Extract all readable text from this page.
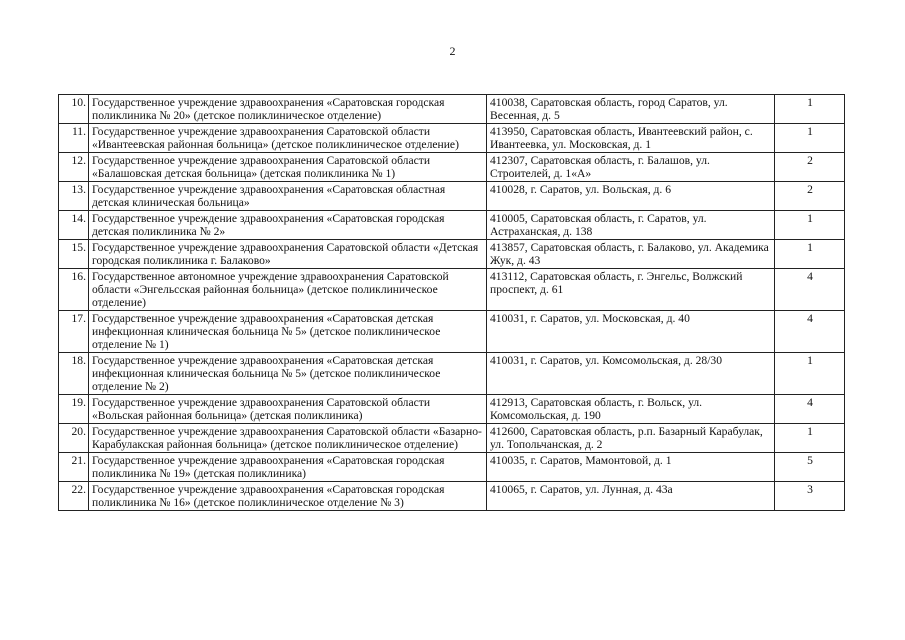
2
10.	Государственное учреждение здравоохранения «Саратовская городская поликлиника № 20» (детское поликлиническое отделение)	410038, Саратовская область, город Саратов, ул. Весенная, д. 5	1
11.	Государственное учреждение здравоохранения Саратовской области «Ивантеевская районная больница» (детское поликлиническое отделение)	413950, Саратовская область, Ивантеевский район, с. Ивантеевка, ул. Московская, д. 1	1
12.	Государственное учреждение здравоохранения Саратовской области «Балашовская детская больница» (детская поликлиника № 1)	412307, Саратовская область, г. Балашов, ул. Строителей, д. 1«А»	2
13.	Государственное учреждение здравоохранения «Саратовская областная детская клиническая больница»	410028, г. Саратов, ул. Вольская, д. 6	2
14.	Государственное учреждение здравоохранения «Саратовская городская детская поликлиника № 2»	410005, Саратовская область, г. Саратов, ул. Астраханская, д. 138	1
15.	Государственное учреждение здравоохранения Саратовской области «Детская городская поликлиника г. Балаково»	413857, Саратовская область, г. Балаково, ул. Академика Жук, д. 43	1
16.	Государственное автономное учреждение здравоохранения Саратовской области «Энгельсская районная больница» (детское поликлиническое отделение)	413112, Саратовская область, г. Энгельс, Волжский проспект, д. 61	4
17.	Государственное учреждение здравоохранения «Саратовская детская инфекционная клиническая больница № 5» (детское поликлиническое отделение № 1)	410031, г. Саратов, ул. Московская, д. 40	4
18.	Государственное учреждение здравоохранения «Саратовская детская инфекционная клиническая больница № 5» (детское поликлиническое отделение № 2)	410031, г. Саратов, ул. Комсомольская, д. 28/30	1
19.	Государственное учреждение здравоохранения Саратовской области «Вольская районная больница» (детская поликлиника)	412913, Саратовская область, г. Вольск, ул. Комсомольская, д. 190	4
20.	Государственное учреждение здравоохранения Саратовской области «Базарно-Карабулакская районная больница» (детское поликлиническое отделение)	412600, Саратовская область, р.п. Базарный Карабулак, ул. Топольчанская, д. 2	1
21.	Государственное учреждение здравоохранения «Саратовская городская поликлиника № 19» (детская поликлиника)	410035, г. Саратов, Мамонтовой, д. 1	5
22.	Государственное учреждение здравоохранения «Саратовская городская поликлиника № 16» (детское поликлиническое отделение № 3)	410065, г. Саратов, ул. Лунная, д. 43а	3
